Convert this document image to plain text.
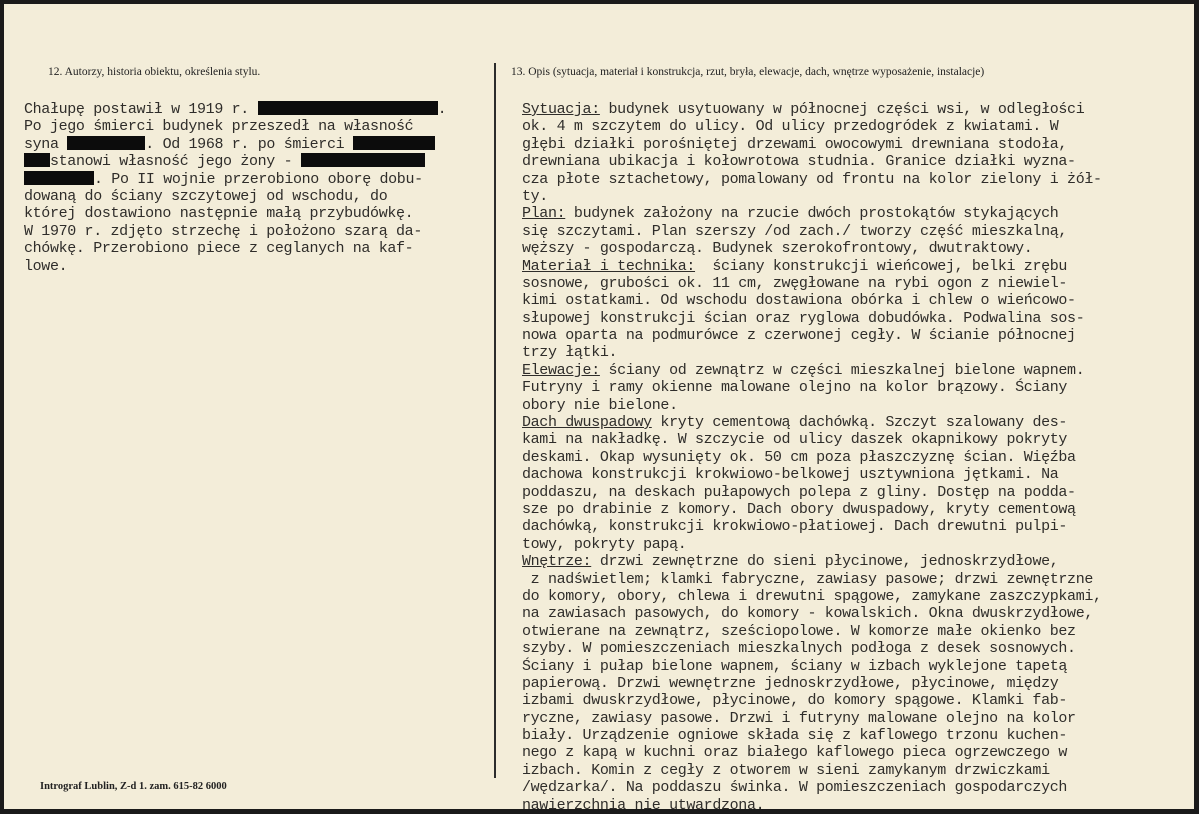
12. Autorzy, historia obiektu, określenia stylu.	13. Opis (sytuacja, materiał i konstrukcja, rzut, bryła, elewacje, dach, wnętrze wyposażenie, instalacje)
Chałupę postawił w 1919 r.	.
Po jego śmierci budynek przeszedł na własność
syna	. Od 1968 r. po śmierci
stanowi własność jego żony -
. Po II wojnie przerobiono oborę dobu-
dowaną do ściany szczytowej od wschodu, do
której dostawiono następnie małą przybudówkę.
W 1970 r. zdjęto strzechę i położono szarą da-
chówkę. Przerobiono piece z ceglanych na kaf-
lowe.
Sytuacja: budynek usytuowany w północnej części wsi, w odległości
ok. 4 m szczytem do ulicy. Od ulicy przedogródek z kwiatami. W
głębi działki porośniętej drzewami owocowymi drewniana stodoła,
drewniana ubikacja i kołowrotowa studnia. Granice działki wyzna-
cza płote sztachetowy, pomalowany od frontu na kolor zielony i żół-
ty.
Plan: budynek założony na rzucie dwóch prostokątów stykających
się szczytami. Plan szerszy /od zach./ tworzy część mieszkalną,
węższy - gospodarczą. Budynek szerokofrontowy, dwutraktowy.
Materiał i technika:  ściany konstrukcji wieńcowej, belki zrębu
sosnowe, grubości ok. 11 cm, zwęgłowane na rybi ogon z niewiel-
kimi ostatkami. Od wschodu dostawiona obórka i chlew o wieńcowo-
słupowej konstrukcji ścian oraz ryglowa dobudówka. Podwalina sos-
nowa oparta na podmurówce z czerwonej cegły. W ścianie północnej
trzy łątki.
Elewacje: ściany od zewnątrz w części mieszkalnej bielone wapnem.
Futryny i ramy okienne malowane olejno na kolor brązowy. Ściany
obory nie bielone.
Dach dwuspadowy kryty cementową dachówką. Szczyt szalowany des-
kami na nakładkę. W szczycie od ulicy daszek okapnikowy pokryty
deskami. Okap wysunięty ok. 50 cm poza płaszczyznę ścian. Więźba
dachowa konstrukcji krokwiowo-belkowej usztywniona jętkami. Na
poddaszu, na deskach pułapowych polepa z gliny. Dostęp na podda-
sze po drabinie z komory. Dach obory dwuspadowy, kryty cementową
dachówką, konstrukcji krokwiowo-płatiowej. Dach drewutni pulpi-
towy, pokryty papą.
Wnętrze: drzwi zewnętrzne do sieni płycinowe, jednoskrzydłowe,
z nadświetlem; klamki fabryczne, zawiasy pasowe; drzwi zewnętrzne
do komory, obory, chlewa i drewutni spągowe, zamykane zaszczypkami,
na zawiasach pasowych, do komory - kowalskich. Okna dwuskrzydłowe,
otwierane na zewnątrz, sześciopolowe. W komorze małe okienko bez
szyby. W pomieszczeniach mieszkalnych podłoga z desek sosnowych.
Ściany i pułap bielone wapnem, ściany w izbach wyklejone tapetą
papierową. Drzwi wewnętrzne jednoskrzydłowe, płycinowe, między
izbami dwuskrzydłowe, płycinowe, do komory spągowe. Klamki fab-
ryczne, zawiasy pasowe. Drzwi i futryny malowane olejno na kolor
biały. Urządzenie ogniowe składa się z kaflowego trzonu kuchen-
nego z kapą w kuchni oraz białego kaflowego pieca ogrzewczego w
izbach. Komin z cegły z otworem w sieni zamykanym drzwiczkami
/wędzarka/. Na poddaszu świnka. W pomieszczeniach gospodarczych
nawierzchnia nie utwardzona.
Intrograf Lublin, Z-d 1. zam. 615-82 6000
